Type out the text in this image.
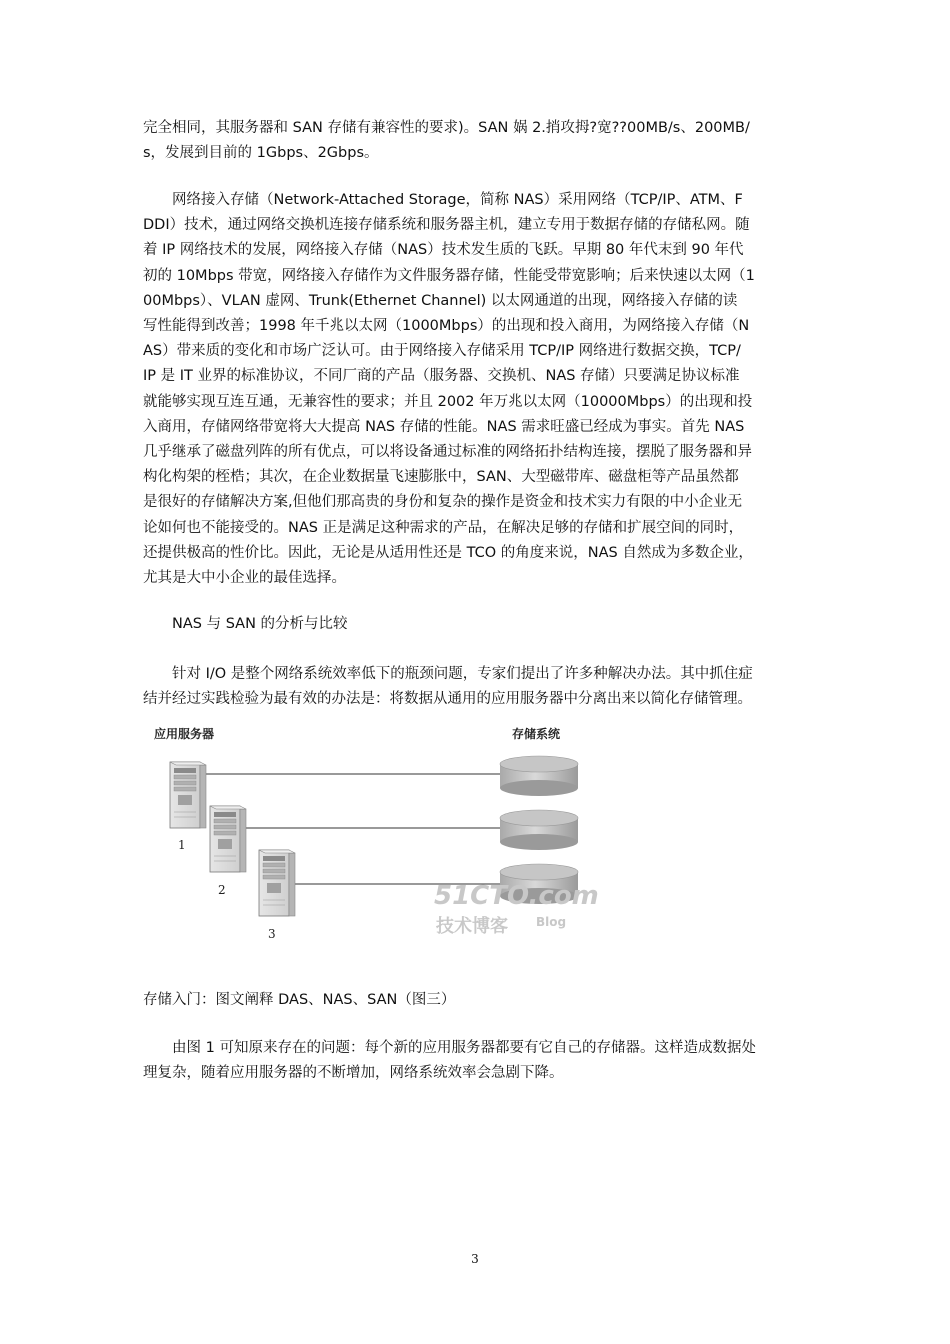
完全相同，其服务器和 SAN 存储有兼容性的要求)。SAN 娲 2.捎攻拇?宽??00MB/s、200MB/
s，发展到目前的 1Gbps、2Gbps。

　　网络接入存储（Network-Attached Storage，简称 NAS）采用网络（TCP/IP、ATM、F
DDI）技术，通过网络交换机连接存储系统和服务器主机，建立专用于数据存储的存储私网。随
着 IP 网络技术的发展，网络接入存储（NAS）技术发生质的飞跃。早期 80 年代末到 90 年代
初的 10Mbps 带宽，网络接入存储作为文件服务器存储，性能受带宽影响；后来快速以太网（1
00Mbps）、VLAN 虚网、Trunk(Ethernet Channel) 以太网通道的出现，网络接入存储的读
写性能得到改善；1998 年千兆以太网（1000Mbps）的出现和投入商用，为网络接入存储（N
AS）带来质的变化和市场广泛认可。由于网络接入存储采用 TCP/IP 网络进行数据交换，TCP/
IP 是 IT 业界的标准协议，不同厂商的产品（服务器、交换机、NAS 存储）只要满足协议标准
就能够实现互连互通，无兼容性的要求；并且 2002 年万兆以太网（10000Mbps）的出现和投
入商用，存储网络带宽将大大提高 NAS 存储的性能。NAS 需求旺盛已经成为事实。首先 NAS
几乎继承了磁盘列阵的所有优点，可以将设备通过标准的网络拓扑结构连接，摆脱了服务器和异
构化构架的桎梏；其次，在企业数据量飞速膨胀中，SAN、大型磁带库、磁盘柜等产品虽然都
是很好的存储解决方案,但他们那高贵的身份和复杂的操作是资金和技术实力有限的中小企业无
论如何也不能接受的。NAS 正是满足这种需求的产品，在解决足够的存储和扩展空间的同时，
还提供极高的性价比。因此，无论是从适用性还是 TCO 的角度来说，NAS 自然成为多数企业，
尤其是大中小企业的最佳选择。

　　NAS 与 SAN 的分析与比较

　　针对 I/O 是整个网络系统效率低下的瓶颈问题，专家们提出了许多种解决办法。其中抓住症
结并经过实践检验为最有效的办法是：将数据从通用的应用服务器中分离出来以简化存储管理。

应用服务器	存储系统
1
2
3
51CTO.com
技术博客 Blog

存储入门：图文阐释 DAS、NAS、SAN（图三）

　　由图 1 可知原来存在的问题：每个新的应用服务器都要有它自己的存储器。这样造成数据处
理复杂，随着应用服务器的不断增加，网络系统效率会急剧下降。

3
